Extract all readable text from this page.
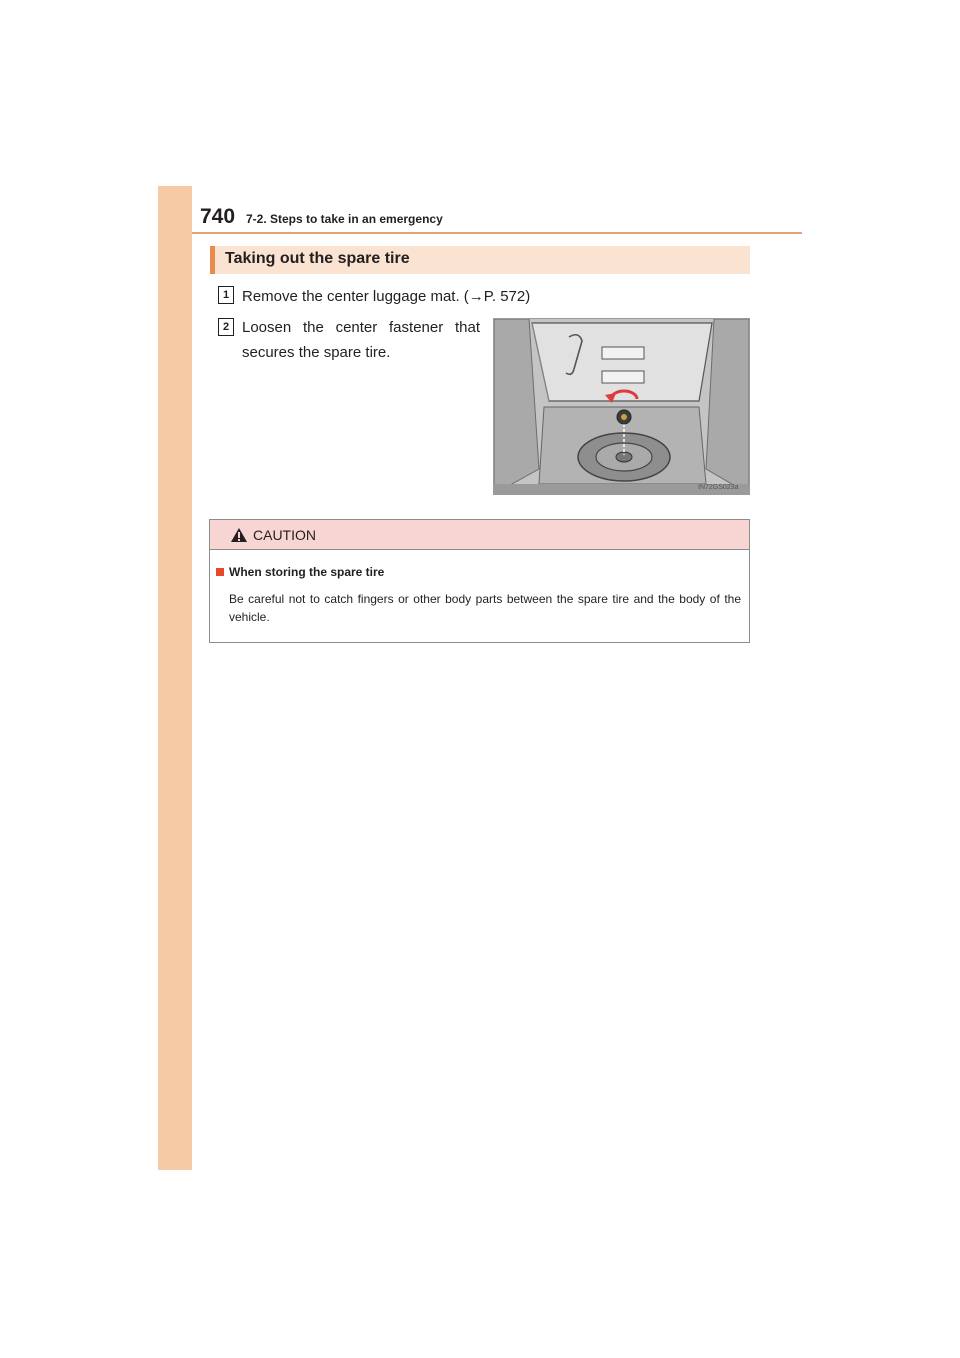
740 7-2. Steps to take in an emergency
Taking out the spare tire
1 Remove the center luggage mat. (→P. 572)
2 Loosen the center fastener that secures the spare tire.
IN72GS023a
CAUTION
When storing the spare tire
Be careful not to catch fingers or other body parts between the spare tire and the body of the vehicle.
